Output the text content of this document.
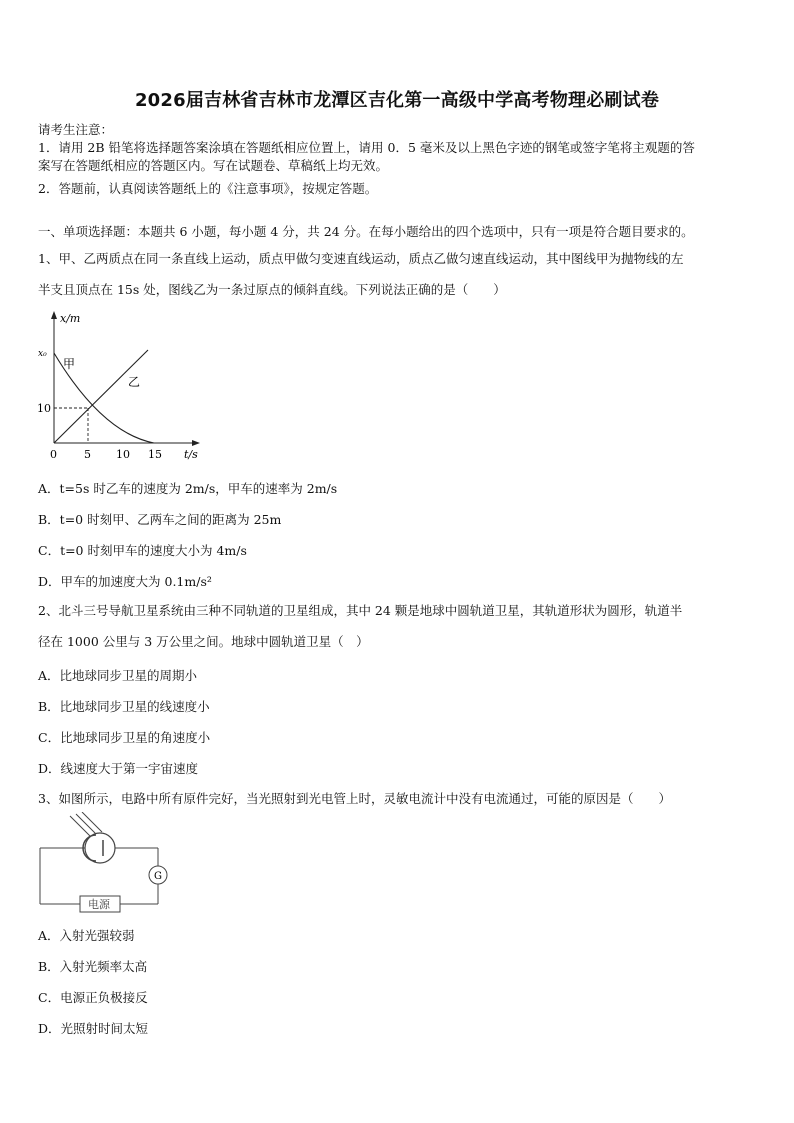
2026届吉林省吉林市龙潭区吉化第一高级中学高考物理必刷试卷
请考生注意：
1．请用 2B 铅笔将选择题答案涂填在答题纸相应位置上，请用 0．5 毫米及以上黑色字迹的钢笔或签字笔将主观题的答
案写在答题纸相应的答题区内。写在试题卷、草稿纸上均无效。
2．答题前，认真阅读答题纸上的《注意事项》，按规定答题。
一、单项选择题：本题共 6 小题，每小题 4 分，共 24 分。在每小题给出的四个选项中，只有一项是符合题目要求的。
1、甲、乙两质点在同一条直线上运动，质点甲做匀变速直线运动，质点乙做匀速直线运动，其中图线甲为抛物线的左
半支且顶点在 15s 处，图线乙为一条过原点的倾斜直线。下列说法正确的是（　　）
x/m
t/s
x₀
10
0 5 10 15
甲
乙
A．t=5s 时乙车的速度为 2m/s，甲车的速率为 2m/s
B．t=0 时刻甲、乙两车之间的距离为 25m
C．t=0 时刻甲车的速度大小为 4m/s
D．甲车的加速度大为 0.1m/s²
2、北斗三号导航卫星系统由三种不同轨道的卫星组成，其中 24 颗是地球中圆轨道卫星，其轨道形状为圆形，轨道半
径在 1000 公里与 3 万公里之间。地球中圆轨道卫星（　）
A．比地球同步卫星的周期小
B．比地球同步卫星的线速度小
C．比地球同步卫星的角速度小
D．线速度大于第一宇宙速度
3、如图所示，电路中所有原件完好，当光照射到光电管上时，灵敏电流计中没有电流通过，可能的原因是（　　）
G
电源
A．入射光强较弱
B．入射光频率太高
C．电源正负极接反
D．光照射时间太短
